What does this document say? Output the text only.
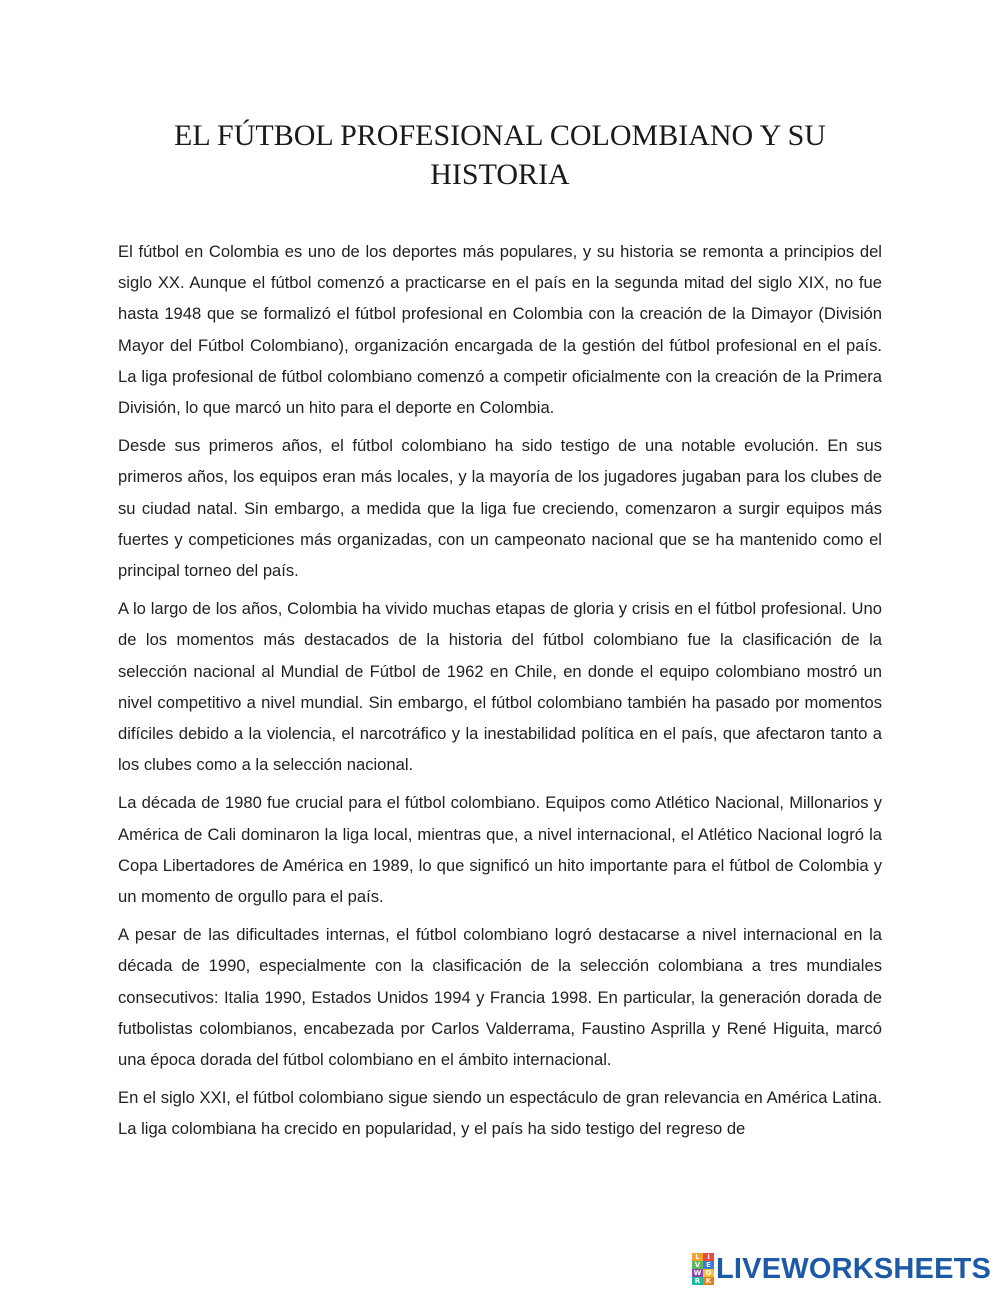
EL FÚTBOL PROFESIONAL COLOMBIANO Y SU HISTORIA

El fútbol en Colombia es uno de los deportes más populares, y su historia se remonta a principios del siglo XX. Aunque el fútbol comenzó a practicarse en el país en la segunda mitad del siglo XIX, no fue hasta 1948 que se formalizó el fútbol profesional en Colombia con la creación de la Dimayor (División Mayor del Fútbol Colombiano), organización encargada de la gestión del fútbol profesional en el país. La liga profesional de fútbol colombiano comenzó a competir oficialmente con la creación de la Primera División, lo que marcó un hito para el deporte en Colombia.

Desde sus primeros años, el fútbol colombiano ha sido testigo de una notable evolución. En sus primeros años, los equipos eran más locales, y la mayoría de los jugadores jugaban para los clubes de su ciudad natal. Sin embargo, a medida que la liga fue creciendo, comenzaron a surgir equipos más fuertes y competiciones más organizadas, con un campeonato nacional que se ha mantenido como el principal torneo del país.

A lo largo de los años, Colombia ha vivido muchas etapas de gloria y crisis en el fútbol profesional. Uno de los momentos más destacados de la historia del fútbol colombiano fue la clasificación de la selección nacional al Mundial de Fútbol de 1962 en Chile, en donde el equipo colombiano mostró un nivel competitivo a nivel mundial. Sin embargo, el fútbol colombiano también ha pasado por momentos difíciles debido a la violencia, el narcotráfico y la inestabilidad política en el país, que afectaron tanto a los clubes como a la selección nacional.

La década de 1980 fue crucial para el fútbol colombiano. Equipos como Atlético Nacional, Millonarios y América de Cali dominaron la liga local, mientras que, a nivel internacional, el Atlético Nacional logró la Copa Libertadores de América en 1989, lo que significó un hito importante para el fútbol de Colombia y un momento de orgullo para el país.

A pesar de las dificultades internas, el fútbol colombiano logró destacarse a nivel internacional en la década de 1990, especialmente con la clasificación de la selección colombiana a tres mundiales consecutivos: Italia 1990, Estados Unidos 1994 y Francia 1998. En particular, la generación dorada de futbolistas colombianos, encabezada por Carlos Valderrama, Faustino Asprilla y René Higuita, marcó una época dorada del fútbol colombiano en el ámbito internacional.

En el siglo XXI, el fútbol colombiano sigue siendo un espectáculo de gran relevancia en América Latina. La liga colombiana ha crecido en popularidad, y el país ha sido testigo del regreso de

L	I
V E
W O
R K LIVEWORKSHEETS
